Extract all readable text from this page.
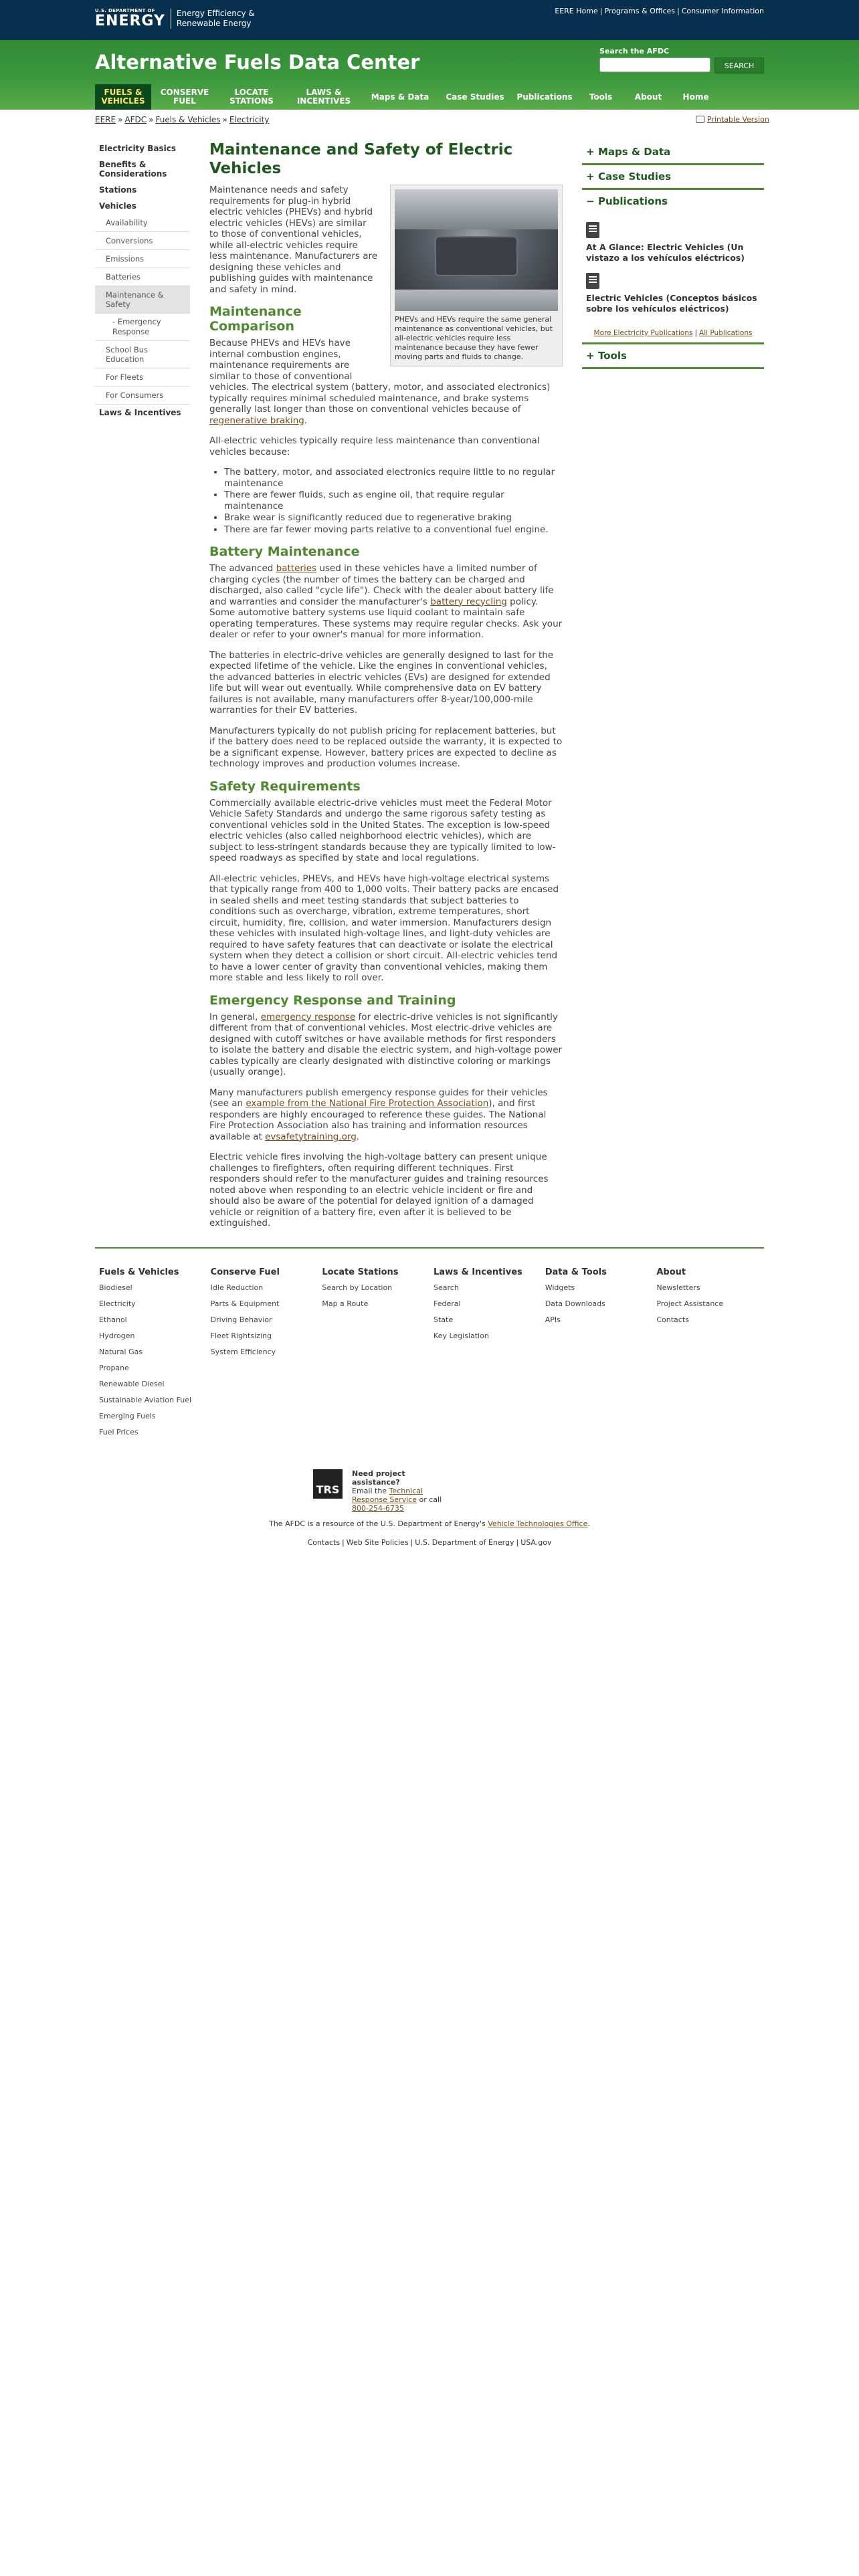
U.S. DEPARTMENT OF
ENERGY Energy Efficiency &
Renewable Energy
EERE Home | Programs & Offices | Consumer Information
Alternative Fuels Data Center	Search the AFDC
SEARCH
FUELS & VEHICLES
CONSERVE FUEL
LOCATE STATIONS
LAWS & INCENTIVES	Maps & Data	Case Studies	Publications	Tools	About	Home
EERE » AFDC » Fuels & Vehicles » Electricity	Printable Version
Electricity Basics
Benefits & Considerations
Stations
Vehicles
Availability
Conversions
Emissions
Batteries
Maintenance & Safety
- Emergency Response
School Bus Education
For Fleets
For Consumers
Laws & Incentives
Maintenance and Safety of Electric Vehicles
PHEVs and HEVs require the same general maintenance as conventional vehicles, but all-electric vehicles require less maintenance because they have fewer moving parts and fluids to change.

Maintenance needs and safety requirements for plug-in hybrid electric vehicles (PHEVs) and hybrid electric vehicles (HEVs) are similar to those of conventional vehicles, while all-electric vehicles require less maintenance. Manufacturers are designing these vehicles and publishing guides with maintenance and safety in mind.

Maintenance Comparison

Because PHEVs and HEVs have internal combustion engines, maintenance requirements are similar to those of conventional vehicles. The electrical system (battery, motor, and associated electronics) typically requires minimal scheduled maintenance, and brake systems generally last longer than those on conventional vehicles because of regenerative braking.

All-electric vehicles typically require less maintenance than conventional vehicles because:

• The battery, motor, and associated electronics require little to no regular maintenance
• There are fewer fluids, such as engine oil, that require regular maintenance
• Brake wear is significantly reduced due to regenerative braking
• There are far fewer moving parts relative to a conventional fuel engine.
Battery Maintenance

The advanced batteries used in these vehicles have a limited number of charging cycles (the number of times the battery can be charged and discharged, also called "cycle life"). Check with the dealer about battery life and warranties and consider the manufacturer's battery recycling policy. Some automotive battery systems use liquid coolant to maintain safe operating temperatures. These systems may require regular checks. Ask your dealer or refer to your owner's manual for more information.

The batteries in electric-drive vehicles are generally designed to last for the expected lifetime of the vehicle. Like the engines in conventional vehicles, the advanced batteries in electric vehicles (EVs) are designed for extended life but will wear out eventually. While comprehensive data on EV battery failures is not available, many manufacturers offer 8-year/100,000-mile warranties for their EV batteries.

Manufacturers typically do not publish pricing for replacement batteries, but if the battery does need to be replaced outside the warranty, it is expected to be a significant expense. However, battery prices are expected to decline as technology improves and production volumes increase.

Safety Requirements

Commercially available electric-drive vehicles must meet the Federal Motor Vehicle Safety Standards and undergo the same rigorous safety testing as conventional vehicles sold in the United States. The exception is low-speed electric vehicles (also called neighborhood electric vehicles), which are subject to less-stringent standards because they are typically limited to low-speed roadways as specified by state and local regulations.

All-electric vehicles, PHEVs, and HEVs have high-voltage electrical systems that typically range from 400 to 1,000 volts. Their battery packs are encased in sealed shells and meet testing standards that subject batteries to conditions such as overcharge, vibration, extreme temperatures, short circuit, humidity, fire, collision, and water immersion. Manufacturers design these vehicles with insulated high-voltage lines, and light-duty vehicles are required to have safety features that can deactivate or isolate the electrical system when they detect a collision or short circuit. All-electric vehicles tend to have a lower center of gravity than conventional vehicles, making them more stable and less likely to roll over.

Emergency Response and Training

In general, emergency response for electric-drive vehicles is not significantly different from that of conventional vehicles. Most electric-drive vehicles are designed with cutoff switches or have available methods for first responders to isolate the battery and disable the electric system, and high-voltage power cables typically are clearly designated with distinctive coloring or markings (usually orange).

Many manufacturers publish emergency response guides for their vehicles (see an example from the National Fire Protection Association), and first responders are highly encouraged to reference these guides. The National Fire Protection Association also has training and information resources available at evsafetytraining.org.

Electric vehicle fires involving the high-voltage battery can present unique challenges to firefighters, often requiring different techniques. First responders should refer to the manufacturer guides and training resources noted above when responding to an electric vehicle incident or fire and should also be aware of the potential for delayed ignition of a damaged vehicle or reignition of a battery fire, even after it is believed to be extinguished.

+ Maps & Data
+ Case Studies
− Publications
At A Glance: Electric Vehicles (Un vistazo a los vehículos eléctricos)
Electric Vehicles (Conceptos básicos sobre los vehículos eléctricos)
More Electricity Publications | All Publications
+ Tools
Fuels & Vehicles
Biodiesel
Electricity
Ethanol
Hydrogen
Natural Gas
Propane
Renewable Diesel
Sustainable Aviation Fuel
Emerging Fuels
Fuel Prices
Conserve Fuel
Idle Reduction
Parts & Equipment
Driving Behavior
Fleet Rightsizing
System Efficiency
Locate Stations
Search by Location
Map a Route
Laws & Incentives
Search
Federal
State
Key Legislation
Data & Tools
Widgets
Data Downloads
APIs
About
Newsletters
Project Assistance
Contacts
TRS
Need project assistance?
Email the Technical Response Service or call 800-254-6735
The AFDC is a resource of the U.S. Department of Energy's Vehicle Technologies Office.
Contacts | Web Site Policies | U.S. Department of Energy | USA.gov
